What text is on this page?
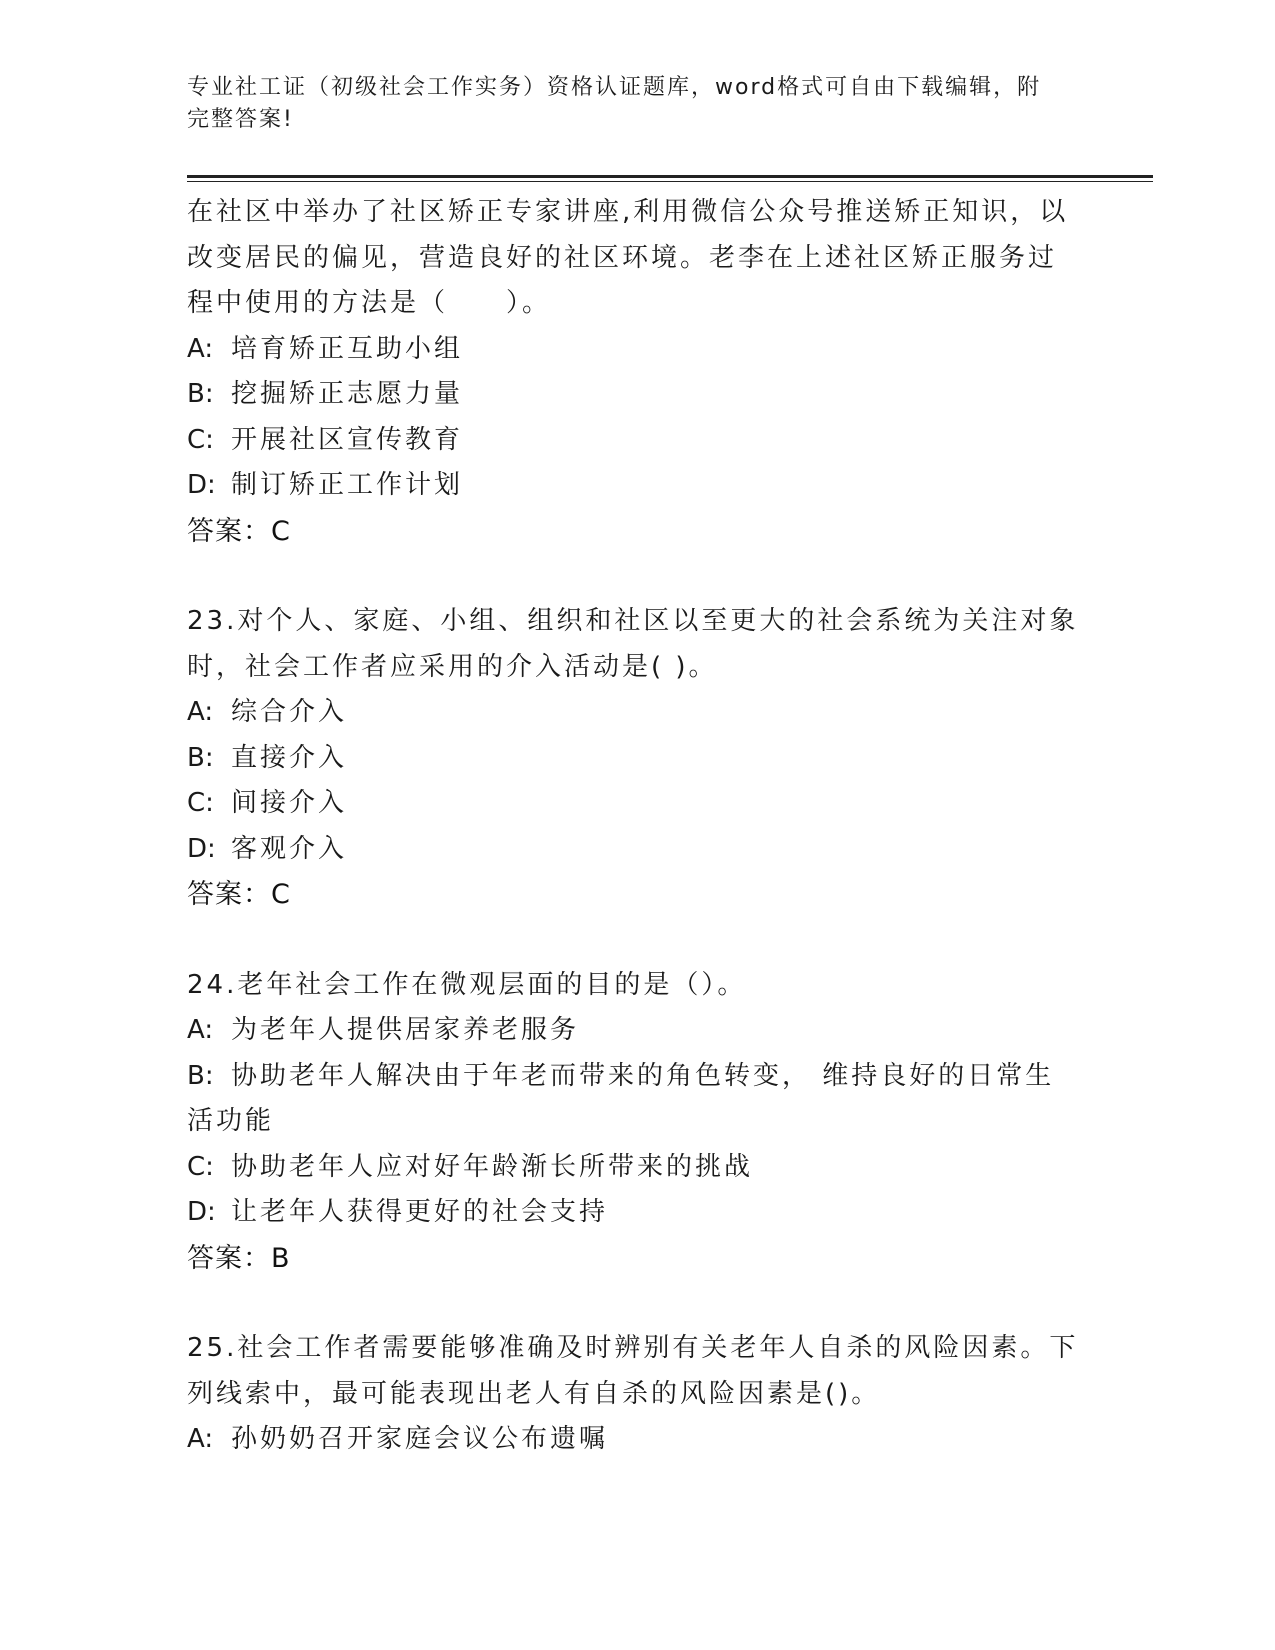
专业社工证（初级社会工作实务）资格认证题库，word格式可自由下载编辑，附
完整答案!
在社区中举办了社区矫正专家讲座,利用微信公众号推送矫正知识，以
改变居民的偏见，营造良好的社区环境。老李在上述社区矫正服务过
程中使用的方法是（　　）。
A: 培育矫正互助小组
B: 挖掘矫正志愿力量
C: 开展社区宣传教育
D: 制订矫正工作计划
答案：C
23.对个人、家庭、小组、组织和社区以至更大的社会系统为关注对象
时，社会工作者应采用的介入活动是( )。
A: 综合介入
B: 直接介入
C: 间接介入
D: 客观介入
答案：C
24.老年社会工作在微观层面的目的是（）。
A: 为老年人提供居家养老服务
B: 协助老年人解决由于年老而带来的角色转变， 维持良好的日常生
活功能
C: 协助老年人应对好年龄渐长所带来的挑战
D: 让老年人获得更好的社会支持
答案：B
25.社会工作者需要能够准确及时辨别有关老年人自杀的风险因素。下
列线索中，最可能表现出老人有自杀的风险因素是()。
A: 孙奶奶召开家庭会议公布遗嘱
